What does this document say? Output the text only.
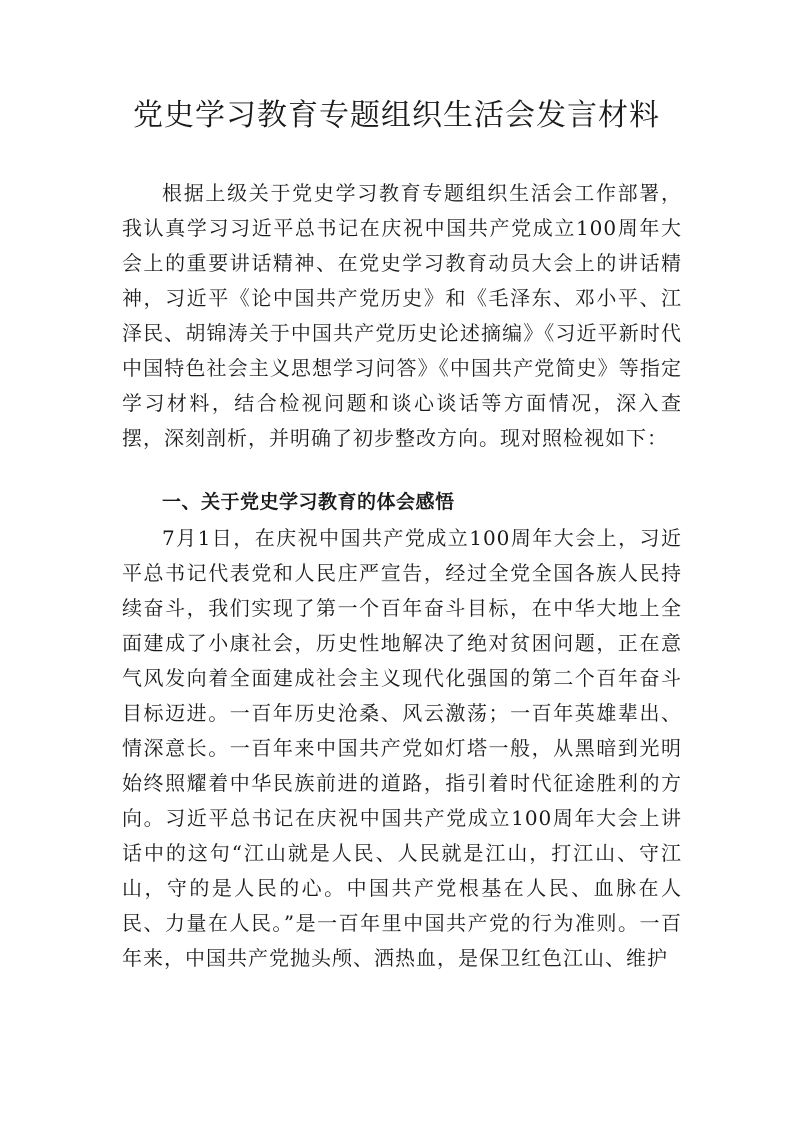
党史学习教育专题组织生活会发言材料

根据上级关于党史学习教育专题组织生活会工作部署，我认真学习习近平总书记在庆祝中国共产党成立100周年大会上的重要讲话精神、在党史学习教育动员大会上的讲话精神，习近平《论中国共产党历史》和《毛泽东、邓小平、江泽民、胡锦涛关于中国共产党历史论述摘编》《习近平新时代中国特色社会主义思想学习问答》《中国共产党简史》等指定学习材料，结合检视问题和谈心谈话等方面情况，深入查摆，深刻剖析，并明确了初步整改方向。现对照检视如下：

一、关于党史学习教育的体会感悟

7月1日，在庆祝中国共产党成立100周年大会上，习近平总书记代表党和人民庄严宣告，经过全党全国各族人民持续奋斗，我们实现了第一个百年奋斗目标，在中华大地上全面建成了小康社会，历史性地解决了绝对贫困问题，正在意气风发向着全面建成社会主义现代化强国的第二个百年奋斗目标迈进。一百年历史沧桑、风云激荡；一百年英雄辈出、情深意长。一百年来中国共产党如灯塔一般，从黑暗到光明始终照耀着中华民族前进的道路，指引着时代征途胜利的方向。习近平总书记在庆祝中国共产党成立100周年大会上讲话中的这句“江山就是人民、人民就是江山，打江山、守江山，守的是人民的心。中国共产党根基在人民、血脉在人民、力量在人民。”是一百年里中国共产党的行为准则。一百年来，中国共产党抛头颅、洒热血，是保卫红色江山、维护
